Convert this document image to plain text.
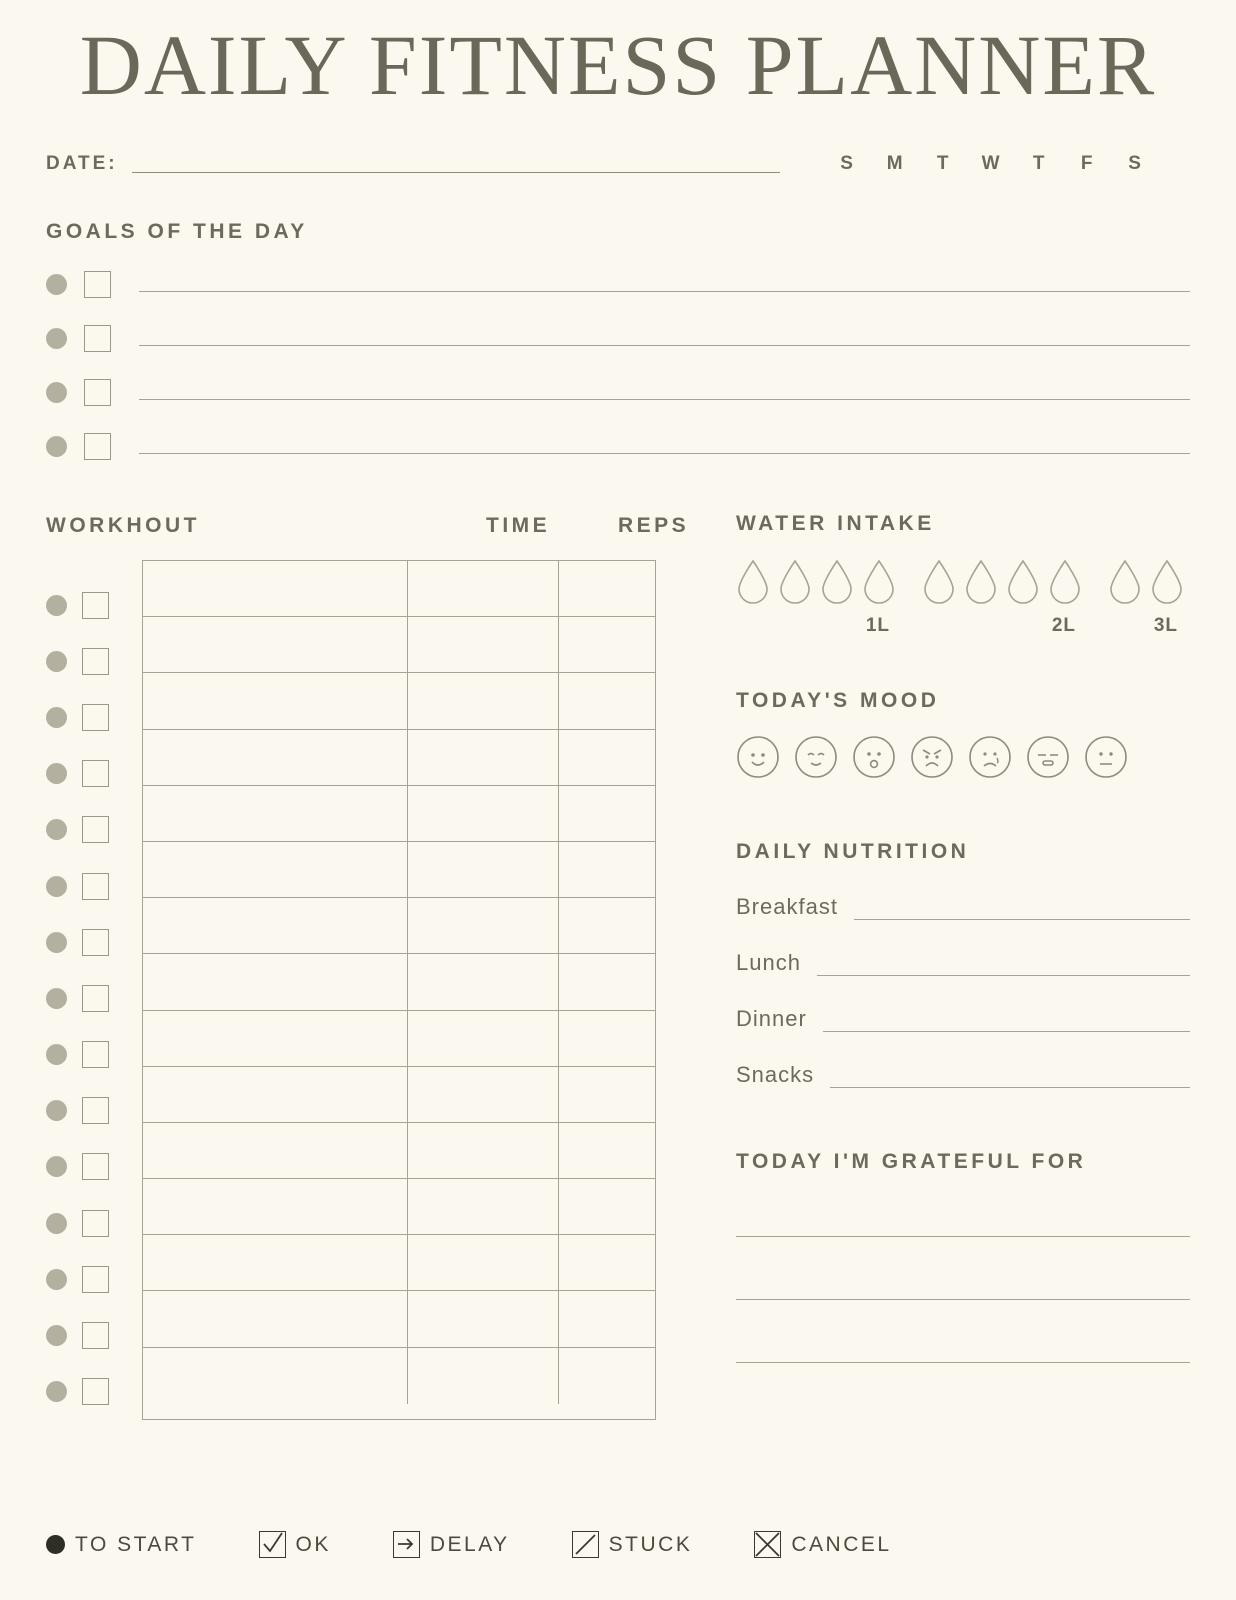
DAILY FITNESS PLANNER
DATE:	S	M	T	W	T	F	S
GOALS OF THE DAY
WORKHOUT	TIME	REPS WATER INTAKE
1L	2L	3L
TODAY'S MOOD
DAILY NUTRITION
Breakfast
Lunch
Dinner
Snacks
TODAY I'M GRATEFUL FOR
TO START	OK	DELAY	STUCK	CANCEL
